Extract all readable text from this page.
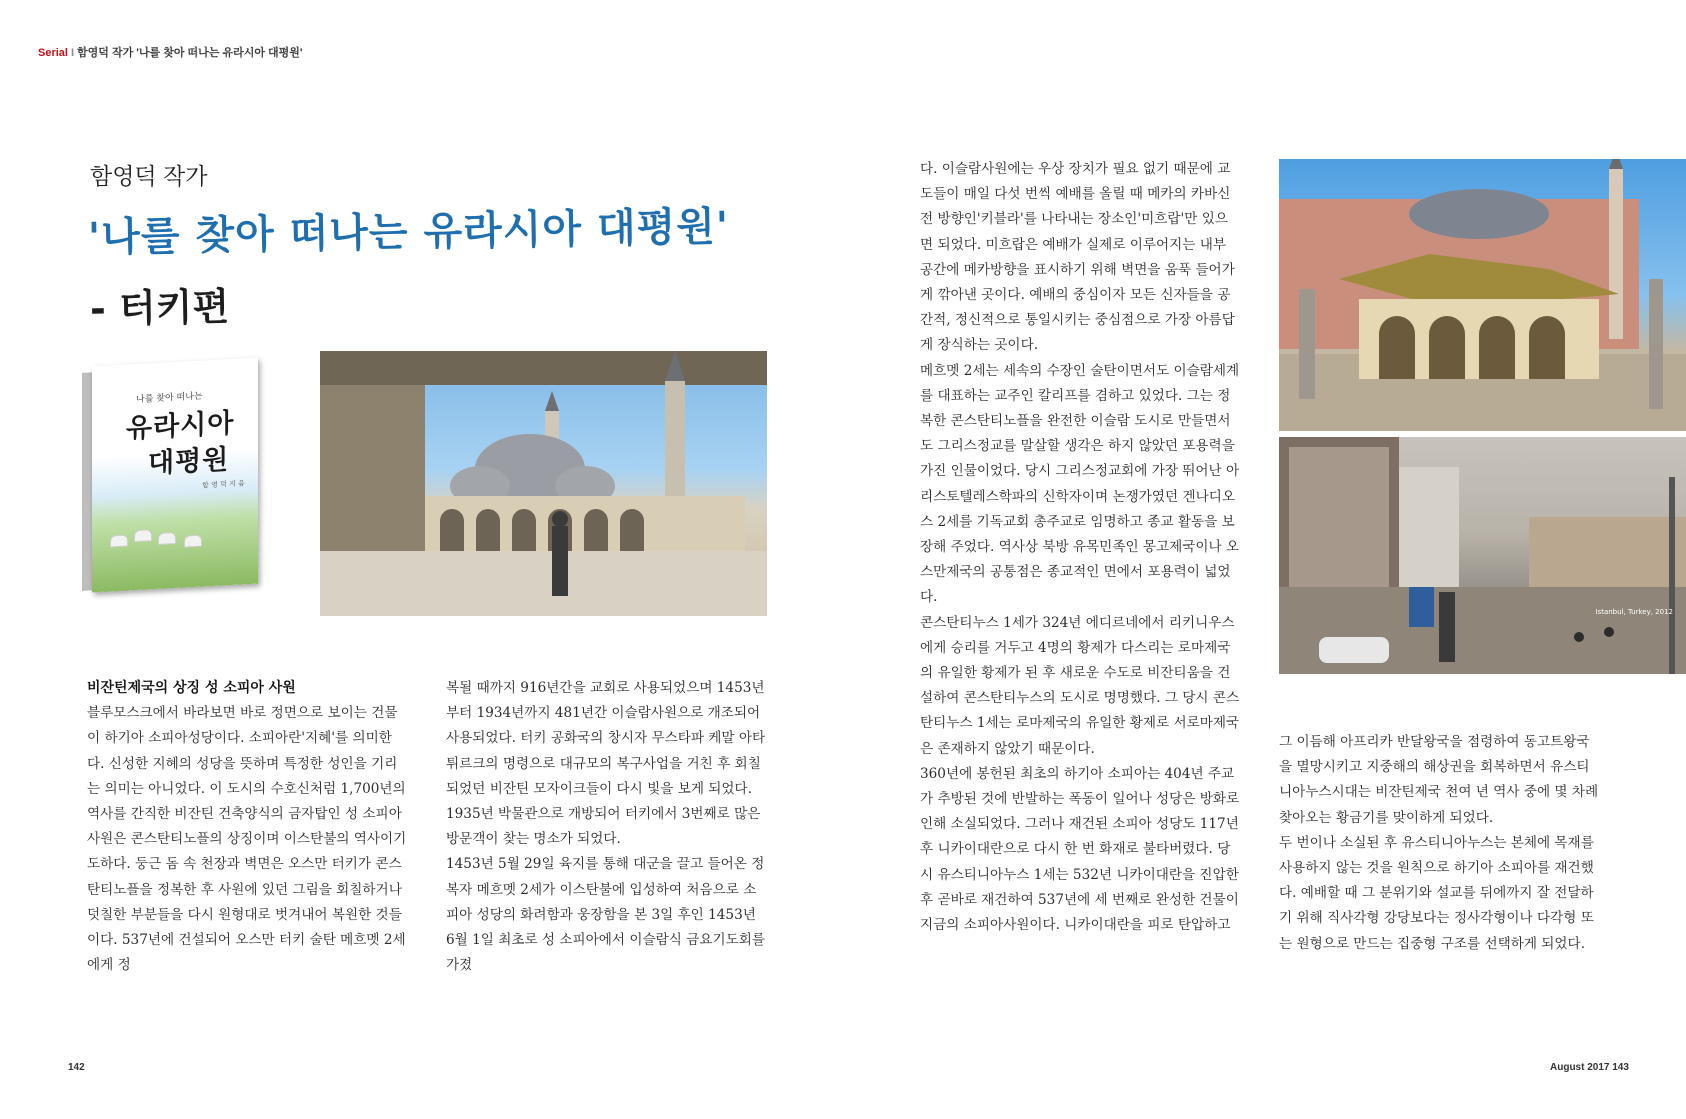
Serial I 함영덕 작가 '나를 찾아 떠나는 유라시아 대평원'
함영덕 작가
'나를 찾아 떠나는 유라시아 대평원'
- 터키편
나를 찾아 떠나는
유라시아
대평원
함 영 덕 지 음
Istanbul, Turkey, 2012

비잔틴제국의 상징 성 소피아 사원

블루모스크에서 바라보면 바로 정면으로 보이는 건물이 하기아 소피아성당이다. 소피아란'지혜'를 의미한다. 신성한 지혜의 성당을 뜻하며 특정한 성인을 기리는 의미는 아니었다. 이 도시의 수호신처럼 1,700년의 역사를 간직한 비잔틴 건축양식의 금자탑인 성 소피아사원은 콘스탄티노플의 상징이며 이스탄불의 역사이기도하다. 둥근 돔 속 천장과 벽면은 오스만 터키가 콘스탄티노플을 정복한 후 사원에 있던 그림을 회칠하거나 덧칠한 부분들을 다시 원형대로 벗겨내어 복원한 것들이다. 537년에 건설되어 오스만 터키 술탄 메흐멧 2세에게 정

복될 때까지 916년간을 교회로 사용되었으며 1453년부터 1934년까지 481년간 이슬람사원으로 개조되어 사용되었다. 터키 공화국의 창시자 무스타파 케말 아타튀르크의 명령으로 대규모의 복구사업을 거친 후 회칠되었던 비잔틴 모자이크들이 다시 빛을 보게 되었다. 1935년 박물관으로 개방되어 터키에서 3번째로 많은 방문객이 찾는 명소가 되었다.

1453년 5월 29일 육지를 통해 대군을 끌고 들어온 정복자 메흐멧 2세가 이스탄불에 입성하여 처음으로 소피아 성당의 화려함과 웅장함을 본 3일 후인 1453년 6월 1일 최초로 성 소피아에서 이슬람식 금요기도회를 가졌

다. 이슬람사원에는 우상 장치가 필요 없기 때문에 교도들이 매일 다섯 번씩 예배를 올릴 때 메카의 카바신전 방향인'키블라'를 나타내는 장소인'미흐랍'만 있으면 되었다. 미흐랍은 예배가 실제로 이루어지는 내부 공간에 메카방향을 표시하기 위해 벽면을 움푹 들어가게 깎아낸 곳이다. 예배의 중심이자 모든 신자들을 공간적, 정신적으로 통일시키는 중심점으로 가장 아름답게 장식하는 곳이다.

메흐멧 2세는 세속의 수장인 술탄이면서도 이슬람세계를 대표하는 교주인 칼리프를 겸하고 있었다. 그는 정복한 콘스탄티노플을 완전한 이슬람 도시로 만들면서도 그리스정교를 말살할 생각은 하지 않았던 포용력을 가진 인물이었다. 당시 그리스정교회에 가장 뛰어난 아리스토텔레스학파의 신학자이며 논쟁가였던 겐나디오스 2세를 기독교회 총주교로 임명하고 종교 활동을 보장해 주었다. 역사상 북방 유목민족인 몽고제국이나 오스만제국의 공통점은 종교적인 면에서 포용력이 넓었다.

콘스탄티누스 1세가 324년 에디르네에서 리키니우스에게 승리를 거두고 4명의 황제가 다스리는 로마제국의 유일한 황제가 된 후 새로운 수도로 비잔티움을 건설하여 콘스탄티누스의 도시로 명명했다. 그 당시 콘스탄티누스 1세는 로마제국의 유일한 황제로 서로마제국은 존재하지 않았기 때문이다.

360년에 봉헌된 최초의 하기아 소피아는 404년 주교가 추방된 것에 반발하는 폭동이 일어나 성당은 방화로 인해 소실되었다. 그러나 재건된 소피아 성당도 117년 후 니카이대란으로 다시 한 번 화재로 불타버렸다. 당시 유스티니아누스 1세는 532년 니카이대란을 진압한 후 곧바로 재건하여 537년에 세 번째로 완성한 건물이 지금의 소피아사원이다. 니카이대란을 피로 탄압하고

그 이듬해 아프리카 반달왕국을 점령하여 동고트왕국을 멸망시키고 지중해의 해상권을 회복하면서 유스티니아누스시대는 비잔틴제국 천여 년 역사 중에 몇 차례 찾아오는 황금기를 맞이하게 되었다.

두 번이나 소실된 후 유스티니아누스는 본체에 목재를 사용하지 않는 것을 원칙으로 하기아 소피아를 재건했다. 예배할 때 그 분위기와 설교를 뒤에까지 잘 전달하기 위해 직사각형 강당보다는 정사각형이나 다각형 또는 원형으로 만드는 집중형 구조를 선택하게 되었다.

142	August 2017 143
